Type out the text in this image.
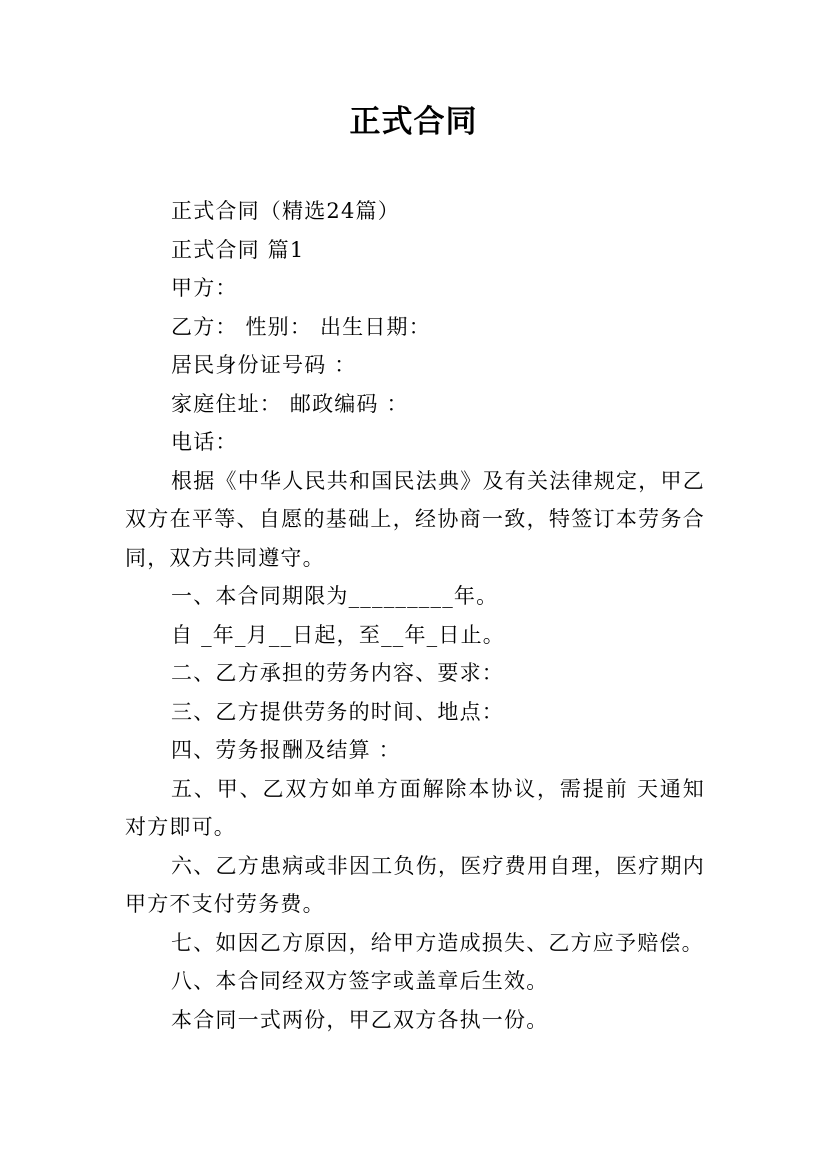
正式合同

正式合同（精选24篇）

正式合同 篇1

甲方：

乙方： 性别： 出生日期：

居民身份证号码 ：

家庭住址： 邮政编码 ：

电话：

根据《中华人民共和国民法典》及有关法律规定，甲乙双方在平等、自愿的基础上，经协商一致，特签订本劳务合同，双方共同遵守。

一、本合同期限为_________年。

自 _年_月__日起，至__年_日止。

二、乙方承担的劳务内容、要求：

三、乙方提供劳务的时间、地点：

四、劳务报酬及结算 ：

五、甲、乙双方如单方面解除本协议，需提前 天通知对方即可。

六、乙方患病或非因工负伤，医疗费用自理，医疗期内甲方不支付劳务费。

七、如因乙方原因，给甲方造成损失、乙方应予赔偿。

八、本合同经双方签字或盖章后生效。

本合同一式两份，甲乙双方各执一份。
